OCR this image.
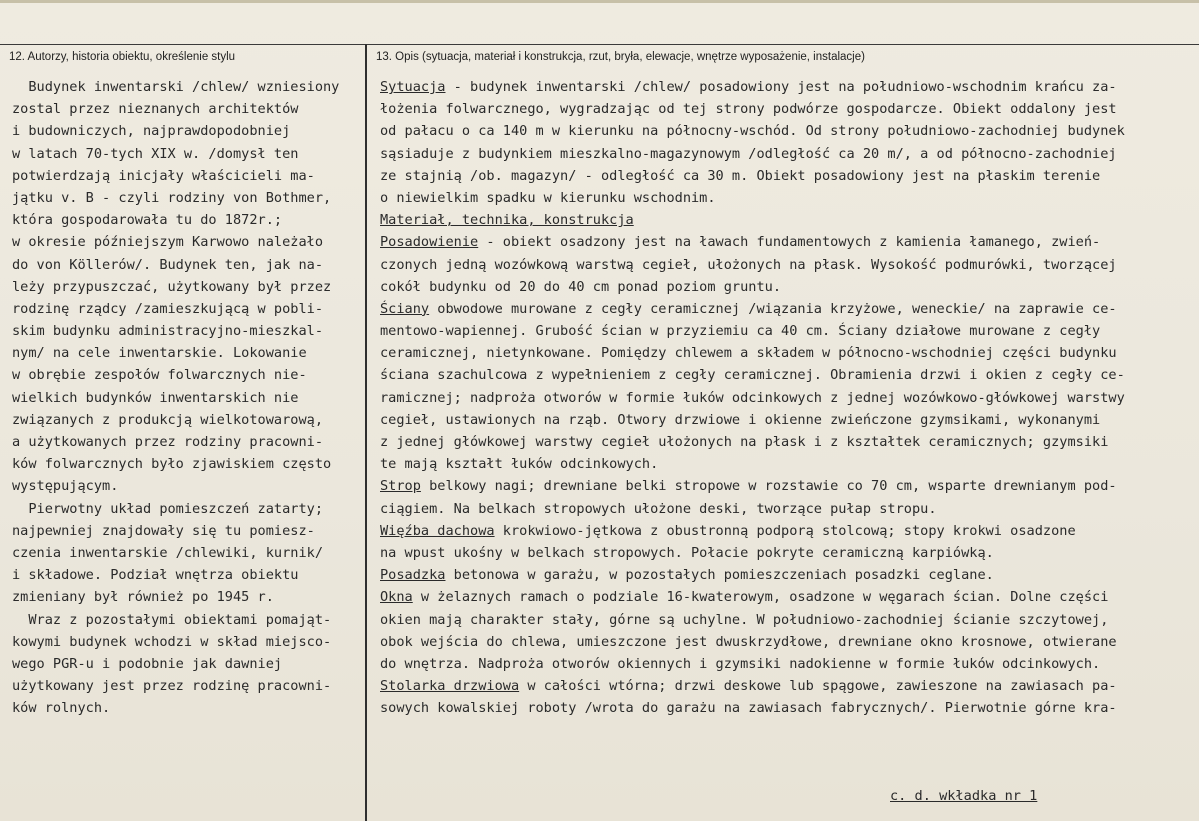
12. Autorzy, historia obiektu, określenie stylu	13. Opis (sytuacja, materiał i konstrukcja, rzut, bryła, elewacje, wnętrze wyposażenie, instalacje)
Budynek inwentarski /chlew/ wzniesiony
zostal przez nieznanych architektów
i budowniczych, najprawdopodobniej
w latach 70-tych XIX w. /domysł ten
potwierdzają inicjały właścicieli ma-
jątku v. B - czyli rodziny von Bothmer,
która gospodarowała tu do 1872r.;
w okresie późniejszym Karwowo należało
do von Köllerów/. Budynek ten, jak na-
leży przypuszczać, użytkowany był przez
rodzinę rządcy /zamieszkującą w pobli-
skim budynku administracyjno-mieszkal-
nym/ na cele inwentarskie. Lokowanie
w obrębie zespołów folwarcznych nie-
wielkich budynków inwentarskich nie
związanych z produkcją wielkotowarową,
a użytkowanych przez rodziny pracowni-
ków folwarcznych było zjawiskiem często
występującym.
Pierwotny układ pomieszczeń zatarty;
najpewniej znajdowały się tu pomiesz-
czenia inwentarskie /chlewiki, kurnik/
i składowe. Podział wnętrza obiektu
zmieniany był również po 1945 r.
Wraz z pozostałymi obiektami pomająt-
kowymi budynek wchodzi w skład miejsco-
wego PGR-u i podobnie jak dawniej
użytkowany jest przez rodzinę pracowni-
ków rolnych.
Sytuacja - budynek inwentarski /chlew/ posadowiony jest na południowo-wschodnim krańcu za-
łożenia folwarcznego, wygradzając od tej strony podwórze gospodarcze. Obiekt oddalony jest
od pałacu o ca 140 m w kierunku na północny-wschód. Od strony południowo-zachodniej budynek
sąsiaduje z budynkiem mieszkalno-magazynowym /odległość ca 20 m/, a od północno-zachodniej
ze stajnią /ob. magazyn/ - odległość ca 30 m. Obiekt posadowiony jest na płaskim terenie
o niewielkim spadku w kierunku wschodnim.
Materiał, technika, konstrukcja
Posadowienie - obiekt osadzony jest na ławach fundamentowych z kamienia łamanego, zwień-
czonych jedną wozówkową warstwą cegieł, ułożonych na płask. Wysokość podmurówki, tworzącej
cokół budynku od 20 do 40 cm ponad poziom gruntu.
Ściany obwodowe murowane z cegły ceramicznej /wiązania krzyżowe, weneckie/ na zaprawie ce-
mentowo-wapiennej. Grubość ścian w przyziemiu ca 40 cm. Ściany działowe murowane z cegły
ceramicznej, nietynkowane. Pomiędzy chlewem a składem w północno-wschodniej części budynku
ściana szachulcowa z wypełnieniem z cegły ceramicznej. Obramienia drzwi i okien z cegły ce-
ramicznej; nadproża otworów w formie łuków odcinkowych z jednej wozówkowo-główkowej warstwy
cegieł, ustawionych na rząb. Otwory drzwiowe i okienne zwieńczone gzymsikami, wykonanymi
z jednej główkowej warstwy cegieł ułożonych na płask i z kształtek ceramicznych; gzymsiki
te mają kształt łuków odcinkowych.
Strop belkowy nagi; drewniane belki stropowe w rozstawie co 70 cm, wsparte drewnianym pod-
ciągiem. Na belkach stropowych ułożone deski, tworzące pułap stropu.
Więźba dachowa krokwiowo-jętkowa z obustronną podporą stolcową; stopy krokwi osadzone
na wpust ukośny w belkach stropowych. Połacie pokryte ceramiczną karpiówką.
Posadzka betonowa w garażu, w pozostałych pomieszczeniach posadzki ceglane.
Okna w żelaznych ramach o podziale 16-kwaterowym, osadzone w węgarach ścian. Dolne części
okien mają charakter stały, górne są uchylne. W południowo-zachodniej ścianie szczytowej,
obok wejścia do chlewa, umieszczone jest dwuskrzydłowe, drewniane okno krosnowe, otwierane
do wnętrza. Nadproża otworów okiennych i gzymsiki nadokienne w formie łuków odcinkowych.
Stolarka drzwiowa w całości wtórna; drzwi deskowe lub spągowe, zawieszone na zawiasach pa-
sowych kowalskiej roboty /wrota do garażu na zawiasach fabrycznych/. Pierwotnie górne kra-
c. d. wkładka nr 1
